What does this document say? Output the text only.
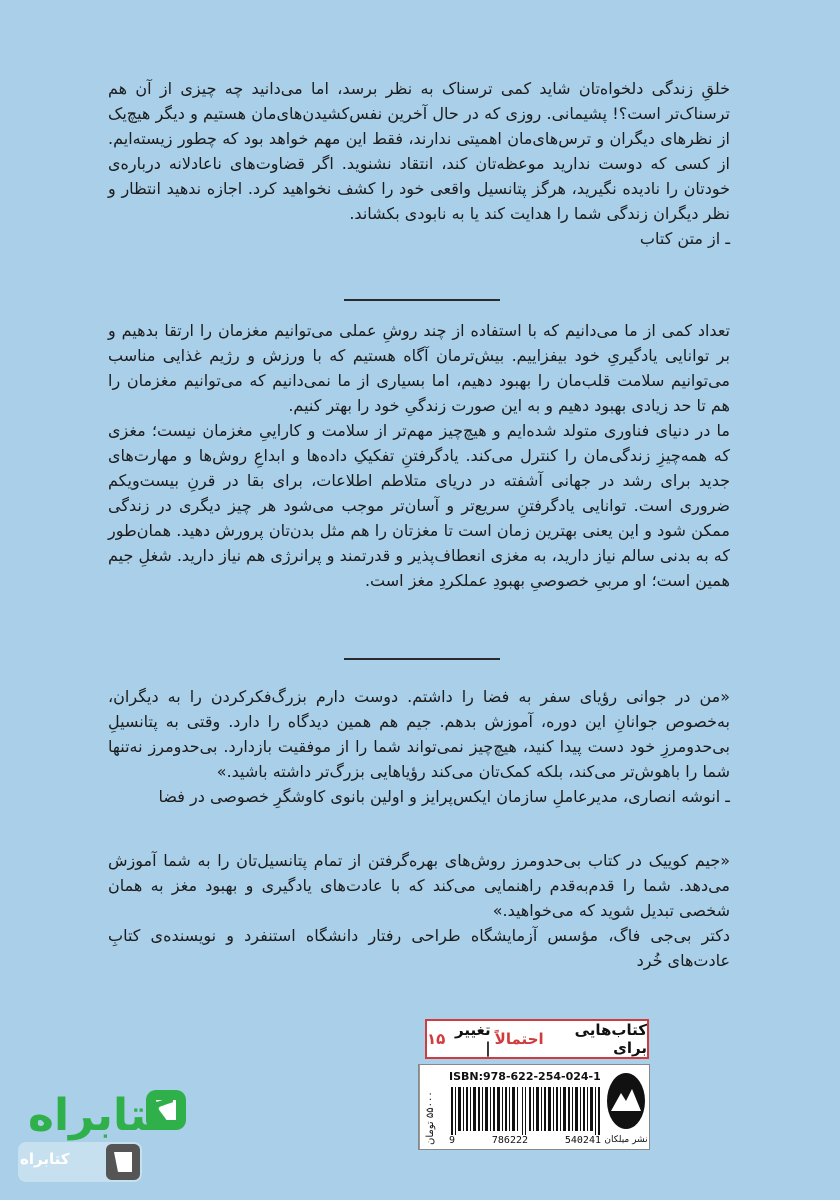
خلقِ زندگی دلخواه‌تان شاید کمی ترسناک به نظر برسد، اما می‌دانید چه چیزی از آن هم ترسناک‌تر است؟! پشیمانی. روزی که در حال آخرین نفس‌کشیدن‌های‌مان هستیم و دیگر هیچ‌یک از نظرهای دیگران و ترس‌های‌مان اهمیتی ندارند، فقط این مهم خواهد بود که چطور زیسته‌ایم. از کسی که دوست ندارید موعظه‌تان کند، انتقاد نشنوید. اگر قضاوت‌های ناعادلانه درباره‌ی خودتان را نادیده نگیرید، هرگز پتانسیل واقعی خود را کشف نخواهید کرد. اجازه ندهید انتظار و نظر دیگران زندگی شما را هدایت کند یا به نابودی بکشاند.

ـ از متن کتاب

تعداد کمی از ما می‌دانیم که با استفاده از چند روشِ عملی می‌توانیم مغزمان را ارتقا بدهیم و بر توانایی یادگیریِ خود بیفزاییم. بیش‌ترمان آگاه هستیم که با ورزش و رژیم غذایی مناسب می‌توانیم سلامت قلب‌مان را بهبود دهیم، اما بسیاری از ما نمی‌دانیم که می‌توانیم مغزمان را هم تا حد زیادی بهبود دهیم و به این صورت زندگیِ خود را بهتر کنیم.

ما در دنیای فناوری متولد شده‌ایم و هیچ‌چیز مهم‌تر از سلامت و کاراییِ مغزمان نیست؛ مغزی که همه‌چیزِ زندگی‌مان را کنترل می‌کند. یادگرفتنِ تفکیکِ داده‌ها و ابداعِ روش‌ها و مهارت‌های جدید برای رشد در جهانی آشفته در دریای متلاطم اطلاعات، برای بقا در قرنِ بیست‌ویکم ضروری است. توانایی یادگرفتنِ سریع‌تر و آسان‌تر موجب می‌شود هر چیز دیگری در زندگی ممکن شود و این یعنی بهترین زمان است تا مغزتان را هم مثل بدن‌تان پرورش دهید. همان‌طور که به بدنی سالم نیاز دارید، به مغزی انعطاف‌پذیر و قدرتمند و پرانرژی هم نیاز دارید. شغلِ جیم همین است؛ او مربیِ خصوصیِ بهبودِ عملکردِ مغز است.

«من در جوانی رؤیای سفر به فضا را داشتم. دوست دارم بزرگ‌فکرکردن را به دیگران، به‌خصوص جوانانِ این دوره، آموزش بدهم. جیم هم همین دیدگاه را دارد. وقتی به پتانسیلِ بی‌حدومرزِ خود دست پیدا کنید، هیچ‌چیز نمی‌تواند شما را از موفقیت بازدارد. بی‌حدومرز نه‌تنها شما را باهوش‌تر می‌کند، بلکه کمک‌تان می‌کند رؤیاهایی بزرگ‌تر داشته باشید.»

ـ انوشه انصاری، مدیرعاملِ سازمان ایکس‌پرایز و اولین بانوی کاوشگرِ خصوصی در فضا

«جیم کوییک در کتاب بی‌حدومرز روش‌های بهره‌گرفتن از تمام پتانسیل‌تان را به شما آموزش می‌دهد. شما را قدم‌به‌قدم راهنمایی می‌کند که با عادت‌های یادگیری و بهبود مغز به همان شخصی تبدیل شوید که می‌خواهید.»

دکتر بی‌جی فاگ، مؤسس آزمایشگاه طراحی رفتار دانشگاه استنفرد و نویسنده‌ی کتابِ عادت‌های خُرد

کتاب‌هایی برای
احتمالاً
تغییر |
۱۵
۵۵۰۰۰ تومان
ISBN:978-622-254-024-1
9	786222	540241 نشر میلکان
کتابراه
کتابراه
